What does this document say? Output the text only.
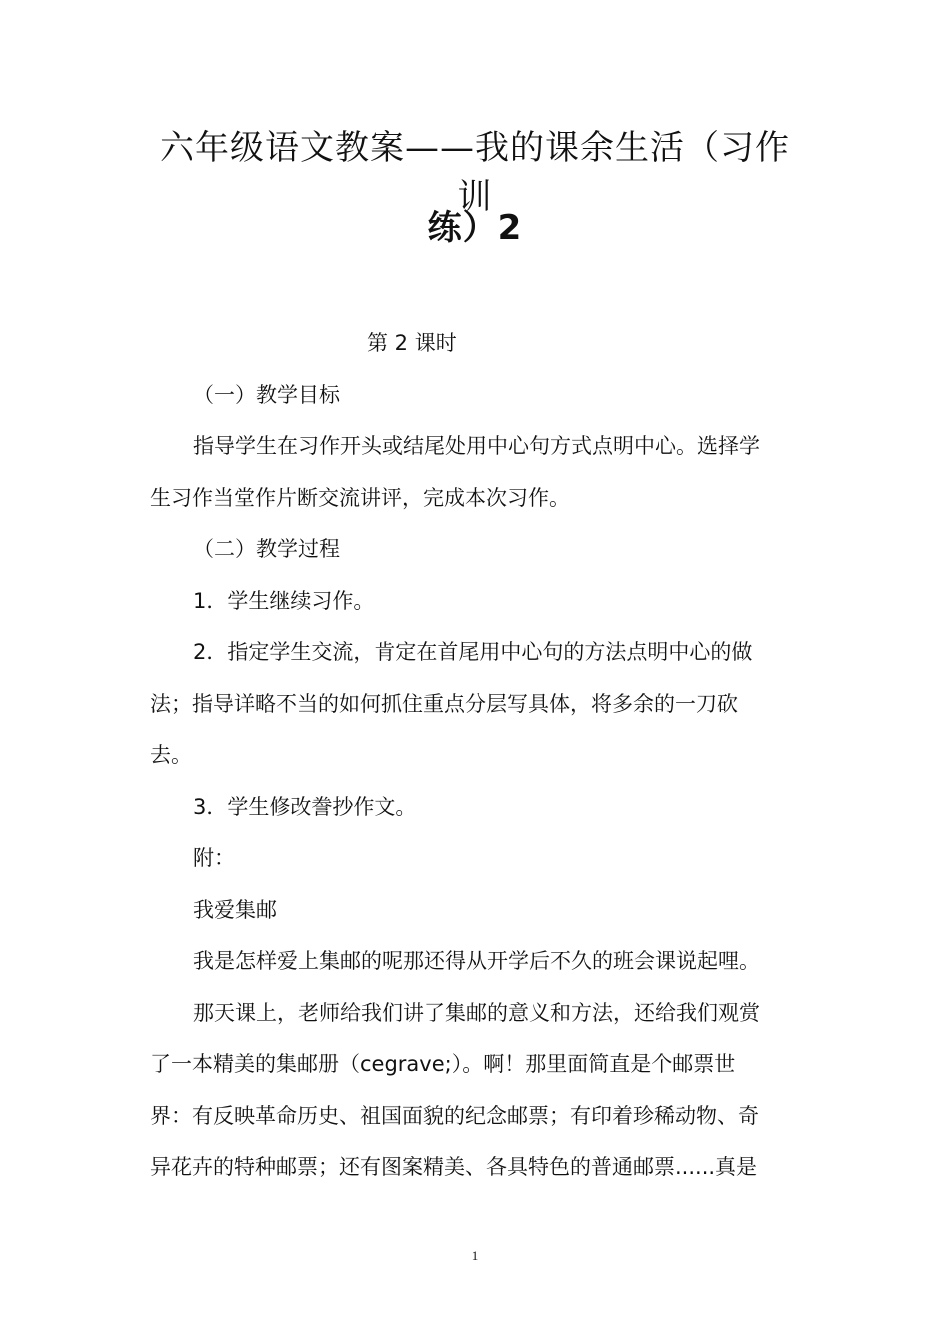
六年级语文教案——我的课余生活（习作训
练）2

第 2 课时

（一）教学目标

指导学生在习作开头或结尾处用中心句方式点明中心。选择学

生习作当堂作片断交流讲评，完成本次习作。

（二）教学过程

1．学生继续习作。

2．指定学生交流，肯定在首尾用中心句的方法点明中心的做

法；指导详略不当的如何抓住重点分层写具体，将多余的一刀砍

去。

3．学生修改誊抄作文。

附：

我爱集邮

我是怎样爱上集邮的呢那还得从开学后不久的班会课说起哩。

那天课上，老师给我们讲了集邮的意义和方法，还给我们观赏

了一本精美的集邮册（cegrave;）。啊！那里面简直是个邮票世

界：有反映革命历史、祖国面貌的纪念邮票；有印着珍稀动物、奇

异花卉的特种邮票；还有图案精美、各具特色的普通邮票......真是

1
